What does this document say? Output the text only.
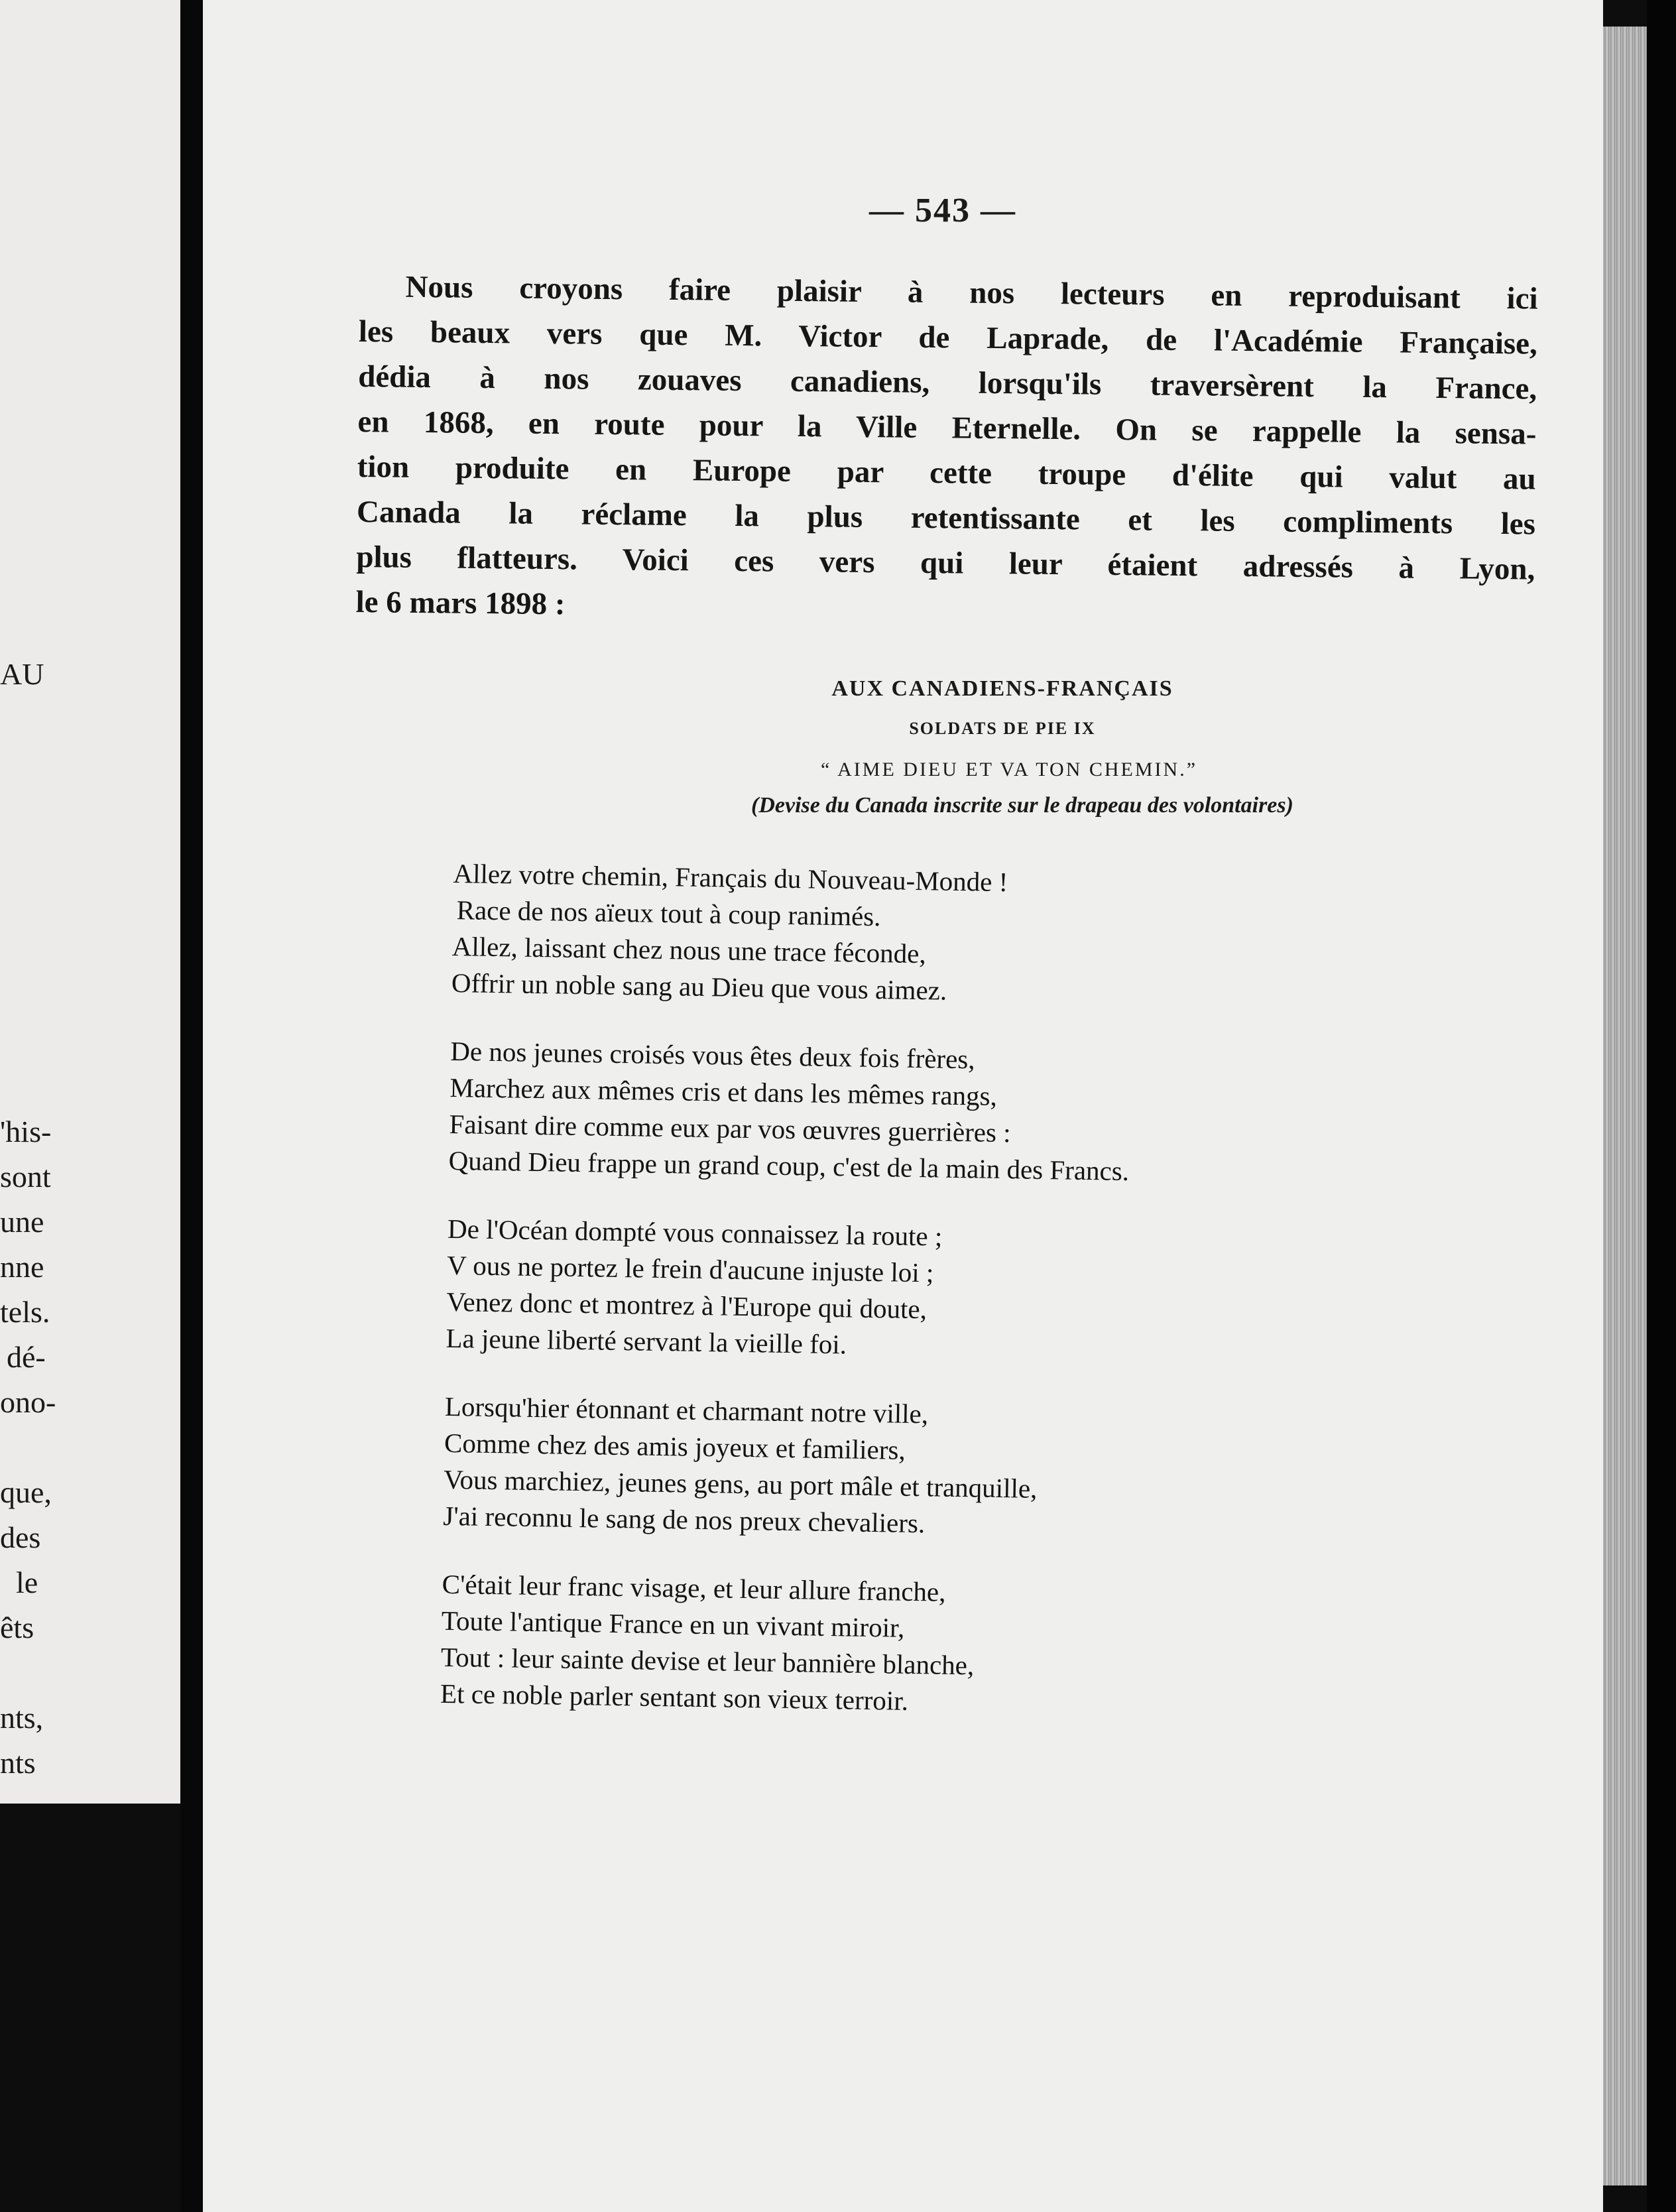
AU
'his-
sont
une
nne
tels.
dé-
ono-
que,
des
le
êts
nts,
nts
— 543 —
Nous croyons faire plaisir à nos lecteurs en reproduisant ici
les beaux vers que M. Victor de Laprade, de l'Académie Française,
dédia à nos zouaves canadiens, lorsqu'ils traversèrent la France,
en 1868, en route pour la Ville Eternelle. On se rappelle la sensa-
tion produite en Europe par cette troupe d'élite qui valut au
Canada la réclame la plus retentissante et les compliments les
plus flatteurs. Voici ces vers qui leur étaient adressés à Lyon,
le 6 mars 1898 :
AUX CANADIENS-FRANÇAIS
SOLDATS DE PIE IX
“ AIME DIEU ET VA TON CHEMIN.”
(Devise du Canada inscrite sur le drapeau des volontaires)
Allez votre chemin, Français du Nouveau-Monde !
Race de nos aïeux tout à coup ranimés.
Allez, laissant chez nous une trace féconde,
Offrir un noble sang au Dieu que vous aimez.
De nos jeunes croisés vous êtes deux fois frères,
Marchez aux mêmes cris et dans les mêmes rangs,
Faisant dire comme eux par vos œuvres guerrières :
Quand Dieu frappe un grand coup, c'est de la main des Francs.
De l'Océan dompté vous connaissez la route ;
V ous ne portez le frein d'aucune injuste loi ;
Venez donc et montrez à l'Europe qui doute,
La jeune liberté servant la vieille foi.
Lorsqu'hier étonnant et charmant notre ville,
Comme chez des amis joyeux et familiers,
Vous marchiez, jeunes gens, au port mâle et tranquille,
J'ai reconnu le sang de nos preux chevaliers.
C'était leur franc visage, et leur allure franche,
Toute l'antique France en un vivant miroir,
Tout : leur sainte devise et leur bannière blanche,
Et ce noble parler sentant son vieux terroir.
